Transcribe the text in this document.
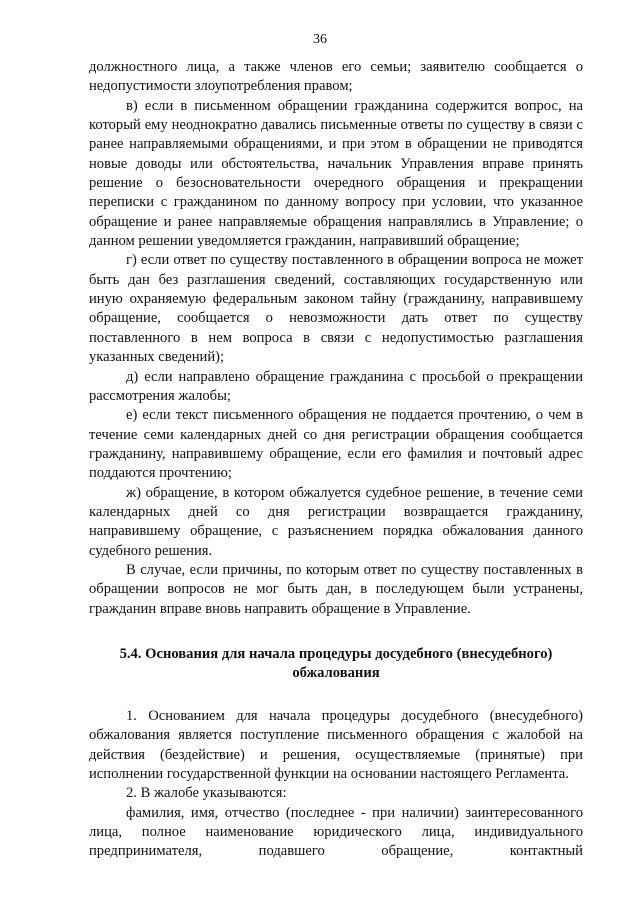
36

должностного лица, а также членов его семьи; заявителю сообщается о недопустимости злоупотребления правом;

в) если в письменном обращении гражданина содержится вопрос, на который ему неоднократно давались письменные ответы по существу в связи с ранее направляемыми обращениями, и при этом в обращении не приводятся новые доводы или обстоятельства, начальник Управления вправе принять решение о безосновательности очередного обращения и прекращении переписки с гражданином по данному вопросу при условии, что указанное обращение и ранее направляемые обращения направлялись в Управление; о данном решении уведомляется гражданин, направивший обращение;

г) если ответ по существу поставленного в обращении вопроса не может быть дан без разглашения сведений, составляющих государственную или иную охраняемую федеральным законом тайну (гражданину, направившему обращение, сообщается о невозможности дать ответ по существу поставленного в нем вопроса в связи с недопустимостью разглашения указанных сведений);

д) если направлено обращение гражданина с просьбой о прекращении рассмотрения жалобы;

е) если текст письменного обращения не поддается прочтению, о чем в течение семи календарных дней со дня регистрации обращения сообщается гражданину, направившему обращение, если его фамилия и почтовый адрес поддаются прочтению;

ж) обращение, в котором обжалуется судебное решение, в течение семи календарных дней со дня регистрации возвращается гражданину, направившему обращение, с разъяснением порядка обжалования данного судебного решения.

В случае, если причины, по которым ответ по существу поставленных в обращении вопросов не мог быть дан, в последующем были устранены, гражданин вправе вновь направить обращение в Управление.

5.4. Основания для начала процедуры досудебного (внесудебного)
обжалования

1. Основанием для начала процедуры досудебного (внесудебного) обжалования является поступление письменного обращения с жалобой на действия (бездействие) и решения, осуществляемые (принятые) при исполнении государственной функции на основании настоящего Регламента.

2. В жалобе указываются:

фамилия, имя, отчество (последнее - при наличии) заинтересованного лица, полное наименование юридического лица, индивидуального предпринимателя, подавшего обращение, контактный
